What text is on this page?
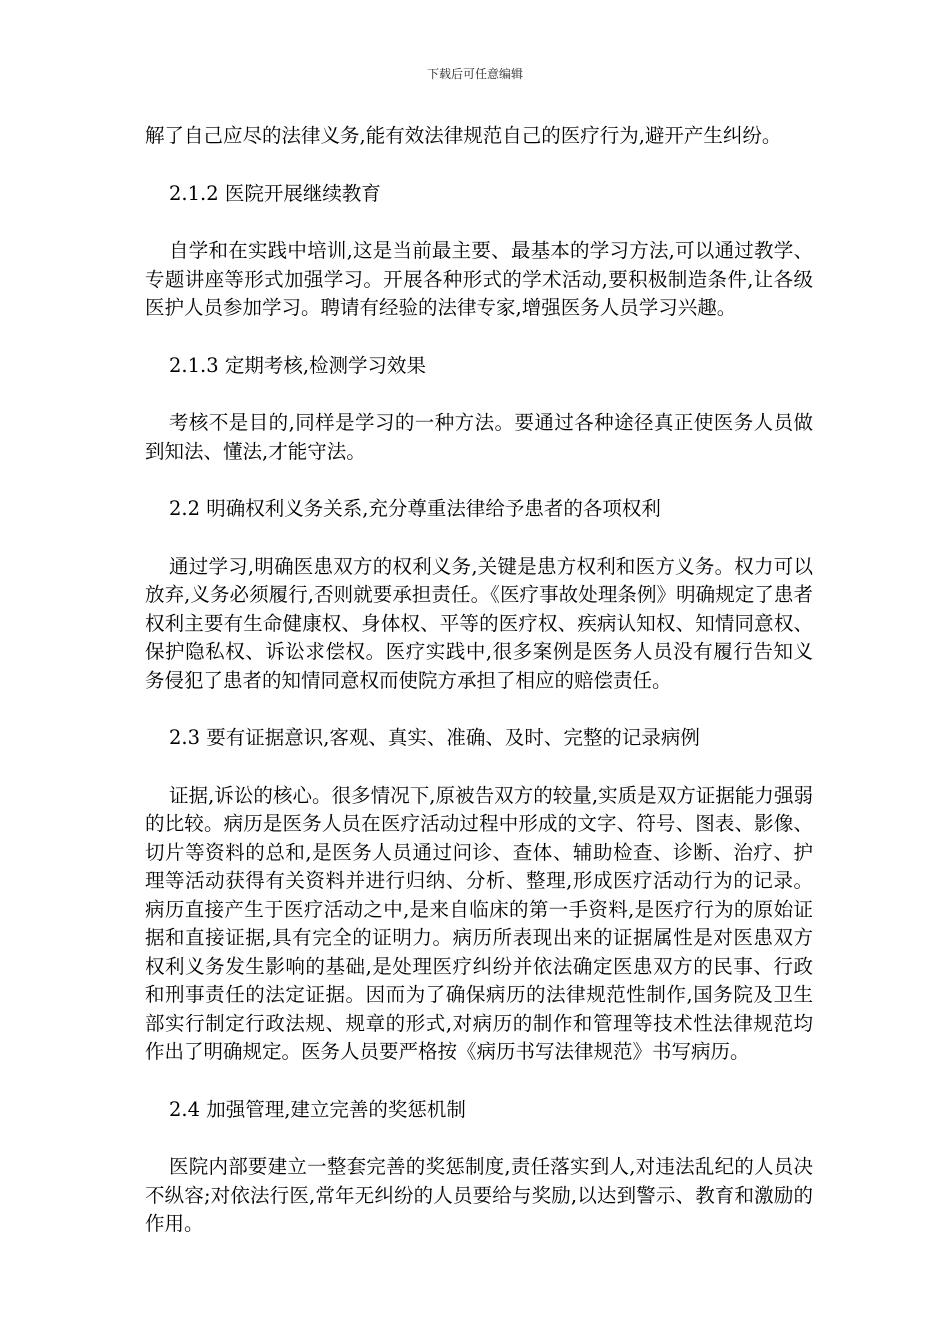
下载后可任意编辑

解了自己应尽的法律义务,能有效法律规范自己的医疗行为,避开产生纠纷。

2.1.2 医院开展继续教育

自学和在实践中培训,这是当前最主要、最基本的学习方法,可以通过教学、专题讲座等形式加强学习。开展各种形式的学术活动,要积极制造条件,让各级医护人员参加学习。聘请有经验的法律专家,增强医务人员学习兴趣。

2.1.3 定期考核,检测学习效果

考核不是目的,同样是学习的一种方法。要通过各种途径真正使医务人员做到知法、懂法,才能守法。

2.2 明确权利义务关系,充分尊重法律给予患者的各项权利

通过学习,明确医患双方的权利义务,关键是患方权利和医方义务。权力可以放弃,义务必须履行,否则就要承担责任。《医疗事故处理条例》明确规定了患者权利主要有生命健康权、身体权、平等的医疗权、疾病认知权、知情同意权、保护隐私权、诉讼求偿权。医疗实践中,很多案例是医务人员没有履行告知义务侵犯了患者的知情同意权而使院方承担了相应的赔偿责任。

2.3 要有证据意识,客观、真实、准确、及时、完整的记录病例

证据,诉讼的核心。很多情况下,原被告双方的较量,实质是双方证据能力强弱的比较。病历是医务人员在医疗活动过程中形成的文字、符号、图表、影像、切片等资料的总和,是医务人员通过问诊、查体、辅助检查、诊断、治疗、护理等活动获得有关资料并进行归纳、分析、整理,形成医疗活动行为的记录。病历直接产生于医疗活动之中,是来自临床的第一手资料,是医疗行为的原始证据和直接证据,具有完全的证明力。病历所表现出来的证据属性是对医患双方权利义务发生影响的基础,是处理医疗纠纷并依法确定医患双方的民事、行政和刑事责任的法定证据。因而为了确保病历的法律规范性制作,国务院及卫生部实行制定行政法规、规章的形式,对病历的制作和管理等技术性法律规范均作出了明确规定。医务人员要严格按《病历书写法律规范》书写病历。

2.4 加强管理,建立完善的奖惩机制

医院内部要建立一整套完善的奖惩制度,责任落实到人,对违法乱纪的人员决不纵容;对依法行医,常年无纠纷的人员要给与奖励,以达到警示、教育和激励的作用。
